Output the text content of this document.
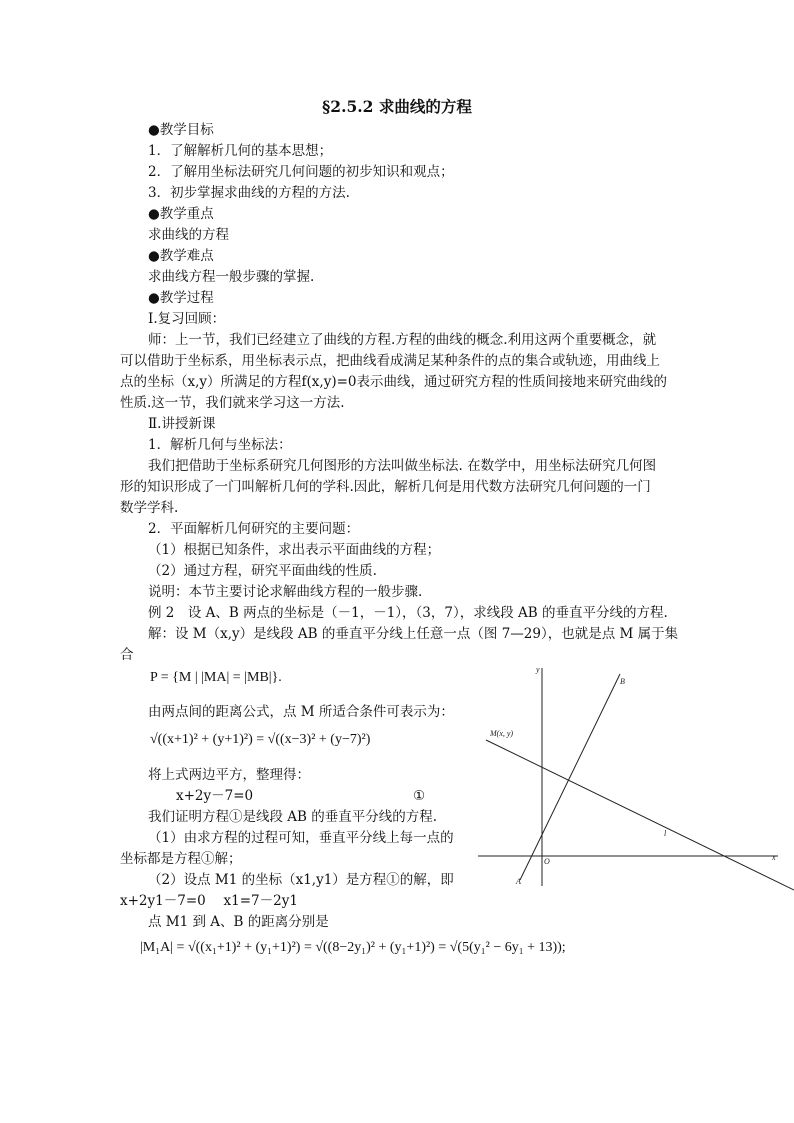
§2.5.2 求曲线的方程
●教学目标
1．了解解析几何的基本思想；
2．了解用坐标法研究几何问题的初步知识和观点；
3．初步掌握求曲线的方程的方法.
●教学重点
求曲线的方程
●教学难点
求曲线方程一般步骤的掌握.
●教学过程
Ⅰ.复习回顾：
师：上一节，我们已经建立了曲线的方程.方程的曲线的概念.利用这两个重要概念，就
可以借助于坐标系，用坐标表示点，把曲线看成满足某种条件的点的集合或轨迹，用曲线上
点的坐标（x,y）所满足的方程f(x,y)=0表示曲线，通过研究方程的性质间接地来研究曲线的
性质.这一节，我们就来学习这一方法.
Ⅱ.讲授新课
1．解析几何与坐标法：
我们把借助于坐标系研究几何图形的方法叫做坐标法. 在数学中，用坐标法研究几何图
形的知识形成了一门叫解析几何的学科.因此，解析几何是用代数方法研究几何问题的一门
数学学科.
2．平面解析几何研究的主要问题：
（1）根据已知条件，求出表示平面曲线的方程；
（2）通过方程，研究平面曲线的性质.
说明：本节主要讨论求解曲线方程的一般步骤.
例 2　设 A、B 两点的坐标是（－1，－1），（3，7），求线段 AB 的垂直平分线的方程.
解：设 M（x,y）是线段 AB 的垂直平分线上任意一点（图 7—29），也就是点 M 属于集
合
P = {M | |MA| = |MB|}.
由两点间的距离公式，点 M 所适合条件可表示为：
√((x+1)² + (y+1)²) = √((x−3)² + (y−7)²)
将上式两边平方，整理得：
x+2y－7=0	①
我们证明方程①是线段 AB 的垂直平分线的方程.
（1）由求方程的过程可知，垂直平分线上每一点的
坐标都是方程①解；
（2）设点 M1 的坐标（x1,y1）是方程①的解，即
x+2y1－7=0　 x1=7－2y1
点 M1 到 A、B 的距离分别是
|M₁A| = √((x₁+1)² + (y₁+1)²) = √((8−2y₁)² + (y₁+1)²) = √(5(y₁² − 6y₁ + 13));
y
x
O
B
A
M(x, y)
l
